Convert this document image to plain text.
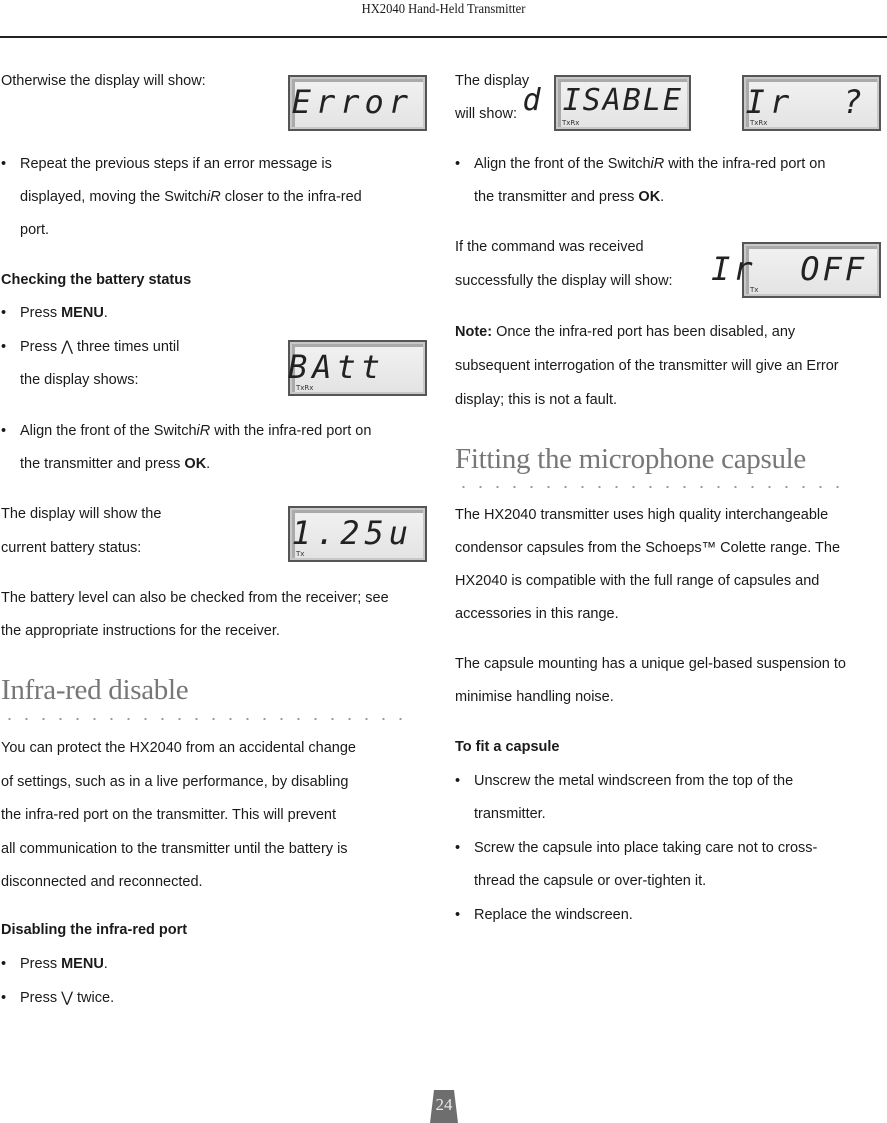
HX2040 Hand-Held Transmitter
Otherwise the display will show:
Error
• Repeat the previous steps if an error message is
displayed, moving the SwitchiR closer to the infra-red
port.
Checking the battery status
• Press MENU.
• Press ⋀ three times until
the display shows:	BAtt
TxRx
• Align the front of the SwitchiR with the infra-red port on
the transmitter and press OK.
The display will show the
current battery status:	1.25u
Tx
The battery level can also be checked from the receiver; see
the appropriate instructions for the receiver.
Infra-red disable
You can protect the HX2040 from an accidental change
of settings, such as in a live performance, by disabling
the infra-red port on the transmitter. This will prevent
all communication to the transmitter until the battery is
disconnected and reconnected.
Disabling the infra-red port
• Press MENU.
• Press ⋁ twice.
The display
will show: d ISABLE
TxRx
Ir  ?
TxRx
• Align the front of the SwitchiR with the infra-red port on
the transmitter and press OK.
If the command was received
successfully the display will show: Ir  OFF
Tx
Note: Once the infra-red port has been disabled, any
subsequent interrogation of the transmitter will give an Error
display; this is not a fault.
Fitting the microphone capsule
The HX2040 transmitter uses high quality interchangeable
condensor capsules from the Schoeps™ Colette range. The
HX2040 is compatible with the full range of capsules and
accessories in this range.
The capsule mounting has a unique gel-based suspension to
minimise handling noise.
To fit a capsule
• Unscrew the metal windscreen from the top of the
transmitter.
• Screw the capsule into place taking care not to cross-
thread the capsule or over-tighten it.
• Replace the windscreen.
24
